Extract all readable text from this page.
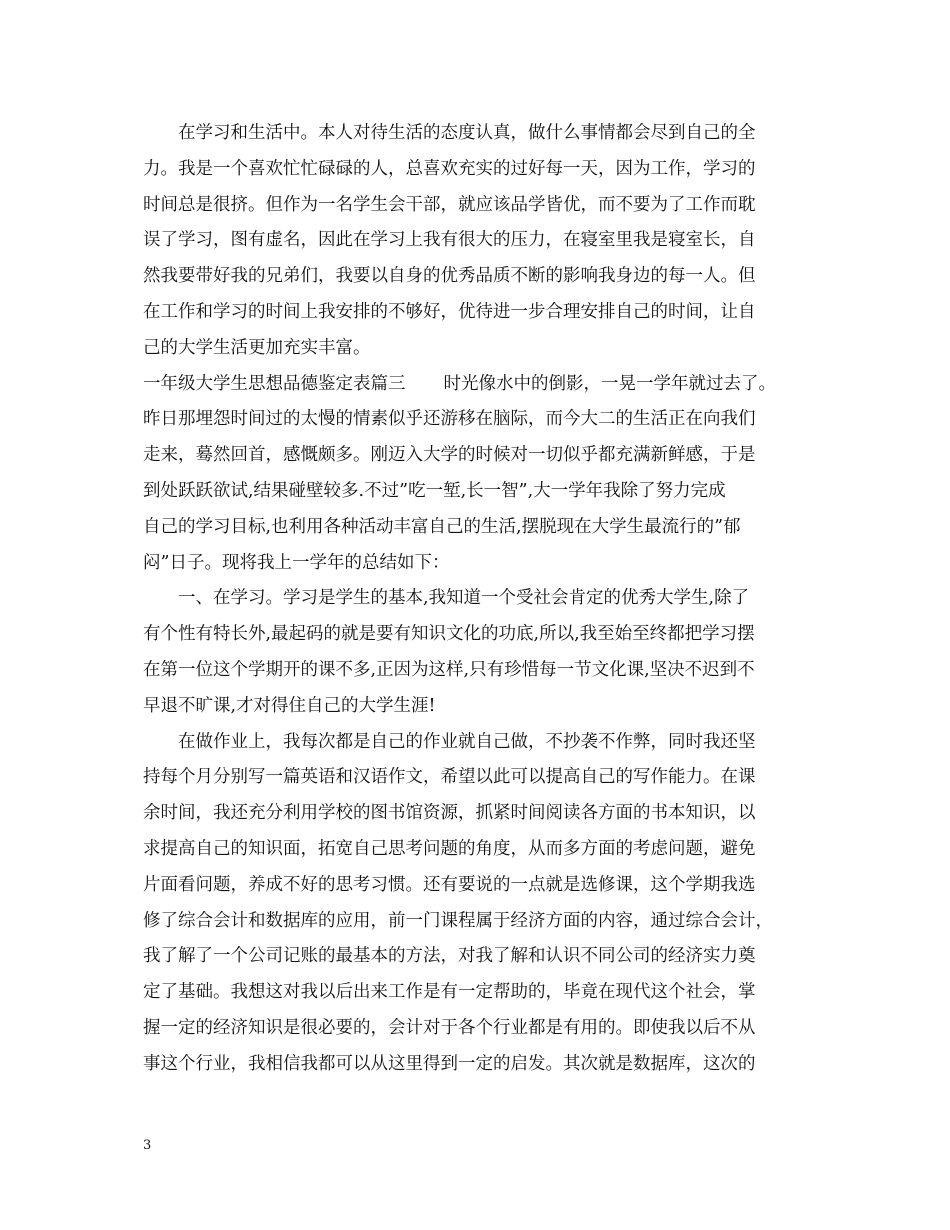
在学习和生活中。本人对待生活的态度认真，做什么事情都会尽到自己的全
力。我是一个喜欢忙忙碌碌的人，总喜欢充实的过好每一天，因为工作，学习的
时间总是很挤。但作为一名学生会干部，就应该品学皆优，而不要为了工作而耽
误了学习，图有虚名，因此在学习上我有很大的压力，在寝室里我是寝室长，自
然我要带好我的兄弟们，我要以自身的优秀品质不断的影响我身边的每一人。但
在工作和学习的时间上我安排的不够好，优待进一步合理安排自己的时间，让自
己的大学生活更加充实丰富。
一年级大学生思想品德鉴定表篇三 时光像水中的倒影，一晃一学年就过去了。
昨日那埋怨时间过的太慢的情素似乎还游移在脑际，而今大二的生活正在向我们
走来，蓦然回首，感慨颇多。刚迈入大学的时候对一切似乎都充满新鲜感，于是
到处跃跃欲试,结果碰壁较多.不过”吃一堑,长一智”,大一学年我除了努力完成
自己的学习目标,也利用各种活动丰富自己的生活,摆脱现在大学生最流行的”郁
闷”日子。现将我上一学年的总结如下：
一、在学习。学习是学生的基本,我知道一个受社会肯定的优秀大学生,除了
有个性有特长外,最起码的就是要有知识文化的功底,所以,我至始至终都把学习摆
在第一位这个学期开的课不多,正因为这样,只有珍惜每一节文化课,坚决不迟到不
早退不旷课,才对得住自己的大学生涯!
在做作业上，我每次都是自己的作业就自己做，不抄袭不作弊，同时我还坚
持每个月分别写一篇英语和汉语作文，希望以此可以提高自己的写作能力。在课
余时间，我还充分利用学校的图书馆资源，抓紧时间阅读各方面的书本知识，以
求提高自己的知识面，拓宽自己思考问题的角度，从而多方面的考虑问题，避免
片面看问题，养成不好的思考习惯。还有要说的一点就是选修课，这个学期我选
修了综合会计和数据库的应用，前一门课程属于经济方面的内容，通过综合会计，
我了解了一个公司记账的最基本的方法，对我了解和认识不同公司的经济实力奠
定了基础。我想这对我以后出来工作是有一定帮助的，毕竟在现代这个社会，掌
握一定的经济知识是很必要的，会计对于各个行业都是有用的。即使我以后不从
事这个行业，我相信我都可以从这里得到一定的启发。其次就是数据库，这次的
3
